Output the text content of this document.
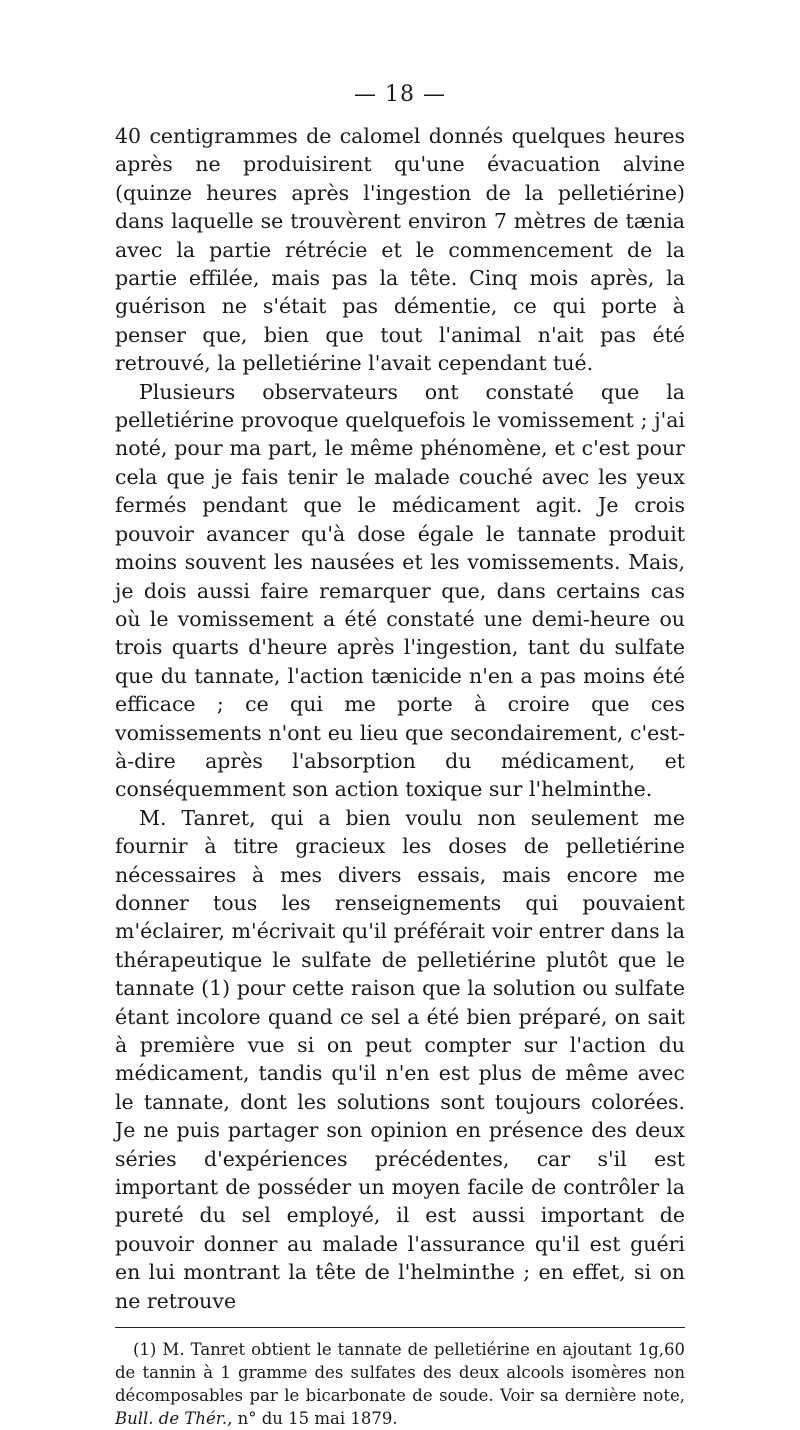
— 18 —

40 centigrammes de calomel donnés quelques heures après ne produisirent qu'une évacuation alvine (quinze heures après l'ingestion de la pelletiérine) dans laquelle se trouvèrent environ 7 mètres de tænia avec la partie rétrécie et le commencement de la partie effilée, mais pas la tête. Cinq mois après, la guérison ne s'était pas démentie, ce qui porte à penser que, bien que tout l'animal n'ait pas été retrouvé, la pelletiérine l'avait cependant tué.

Plusieurs observateurs ont constaté que la pelletiérine provoque quelquefois le vomissement ; j'ai noté, pour ma part, le même phénomène, et c'est pour cela que je fais tenir le malade couché avec les yeux fermés pendant que le médicament agit. Je crois pouvoir avancer qu'à dose égale le tannate produit moins souvent les nausées et les vomissements. Mais, je dois aussi faire remarquer que, dans certains cas où le vomissement a été constaté une demi-heure ou trois quarts d'heure après l'ingestion, tant du sulfate que du tannate, l'action tænicide n'en a pas moins été efficace ; ce qui me porte à croire que ces vomissements n'ont eu lieu que secondairement, c'est-à-dire après l'absorption du médicament, et conséquemment son action toxique sur l'helminthe.

M. Tanret, qui a bien voulu non seulement me fournir à titre gracieux les doses de pelletiérine nécessaires à mes divers essais, mais encore me donner tous les renseignements qui pouvaient m'éclairer, m'écrivait qu'il préférait voir entrer dans la thérapeutique le sulfate de pelletiérine plutôt que le tannate (1) pour cette raison que la solution ou sulfate étant incolore quand ce sel a été bien préparé, on sait à première vue si on peut compter sur l'action du médicament, tandis qu'il n'en est plus de même avec le tannate, dont les solutions sont toujours colorées. Je ne puis partager son opinion en présence des deux séries d'expériences précédentes, car s'il est important de posséder un moyen facile de contrôler la pureté du sel employé, il est aussi important de pouvoir donner au malade l'assurance qu'il est guéri en lui montrant la tête de l'helminthe ; en effet, si on ne retrouve

(1) M. Tanret obtient le tannate de pelletiérine en ajoutant 1g,60 de tannin à 1 gramme des sulfates des deux alcools isomères non décomposables par le bicarbonate de soude. Voir sa dernière note, Bull. de Thér., n° du 15 mai 1879.
